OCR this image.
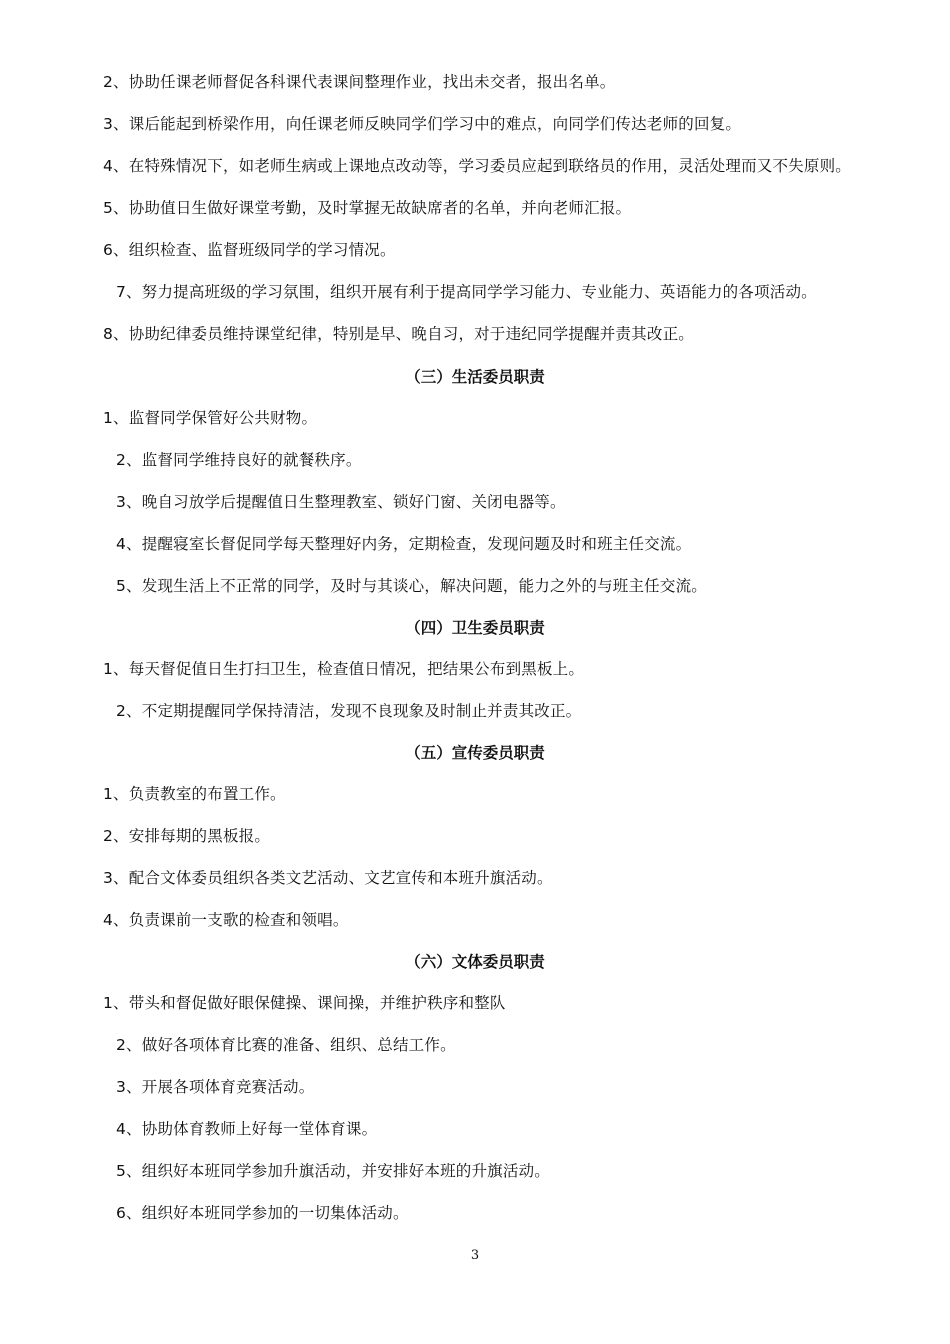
2、协助任课老师督促各科课代表课间整理作业，找出未交者，报出名单。
3、课后能起到桥梁作用，向任课老师反映同学们学习中的难点，向同学们传达老师的回复。
4、在特殊情况下，如老师生病或上课地点改动等，学习委员应起到联络员的作用，灵活处理而又不失原则。
5、协助值日生做好课堂考勤，及时掌握无故缺席者的名单，并向老师汇报。
6、组织检查、监督班级同学的学习情况。
7、努力提高班级的学习氛围，组织开展有利于提高同学学习能力、专业能力、英语能力的各项活动。
8、协助纪律委员维持课堂纪律，特别是早、晚自习，对于违纪同学提醒并责其改正。
（三）生活委员职责
1、监督同学保管好公共财物。
2、监督同学维持良好的就餐秩序。
3、晚自习放学后提醒值日生整理教室、锁好门窗、关闭电器等。
4、提醒寝室长督促同学每天整理好内务，定期检查，发现问题及时和班主任交流。
5、发现生活上不正常的同学，及时与其谈心，解决问题，能力之外的与班主任交流。
（四）卫生委员职责
1、每天督促值日生打扫卫生，检查值日情况，把结果公布到黑板上。
2、不定期提醒同学保持清洁，发现不良现象及时制止并责其改正。
（五）宣传委员职责
1、负责教室的布置工作。
2、安排每期的黑板报。
3、配合文体委员组织各类文艺活动、文艺宣传和本班升旗活动。
4、负责课前一支歌的检查和领唱。
（六）文体委员职责
1、带头和督促做好眼保健操、课间操，并维护秩序和整队
2、做好各项体育比赛的准备、组织、总结工作。
3、开展各项体育竞赛活动。
4、协助体育教师上好每一堂体育课。
5、组织好本班同学参加升旗活动，并安排好本班的升旗活动。
6、组织好本班同学参加的一切集体活动。
3
